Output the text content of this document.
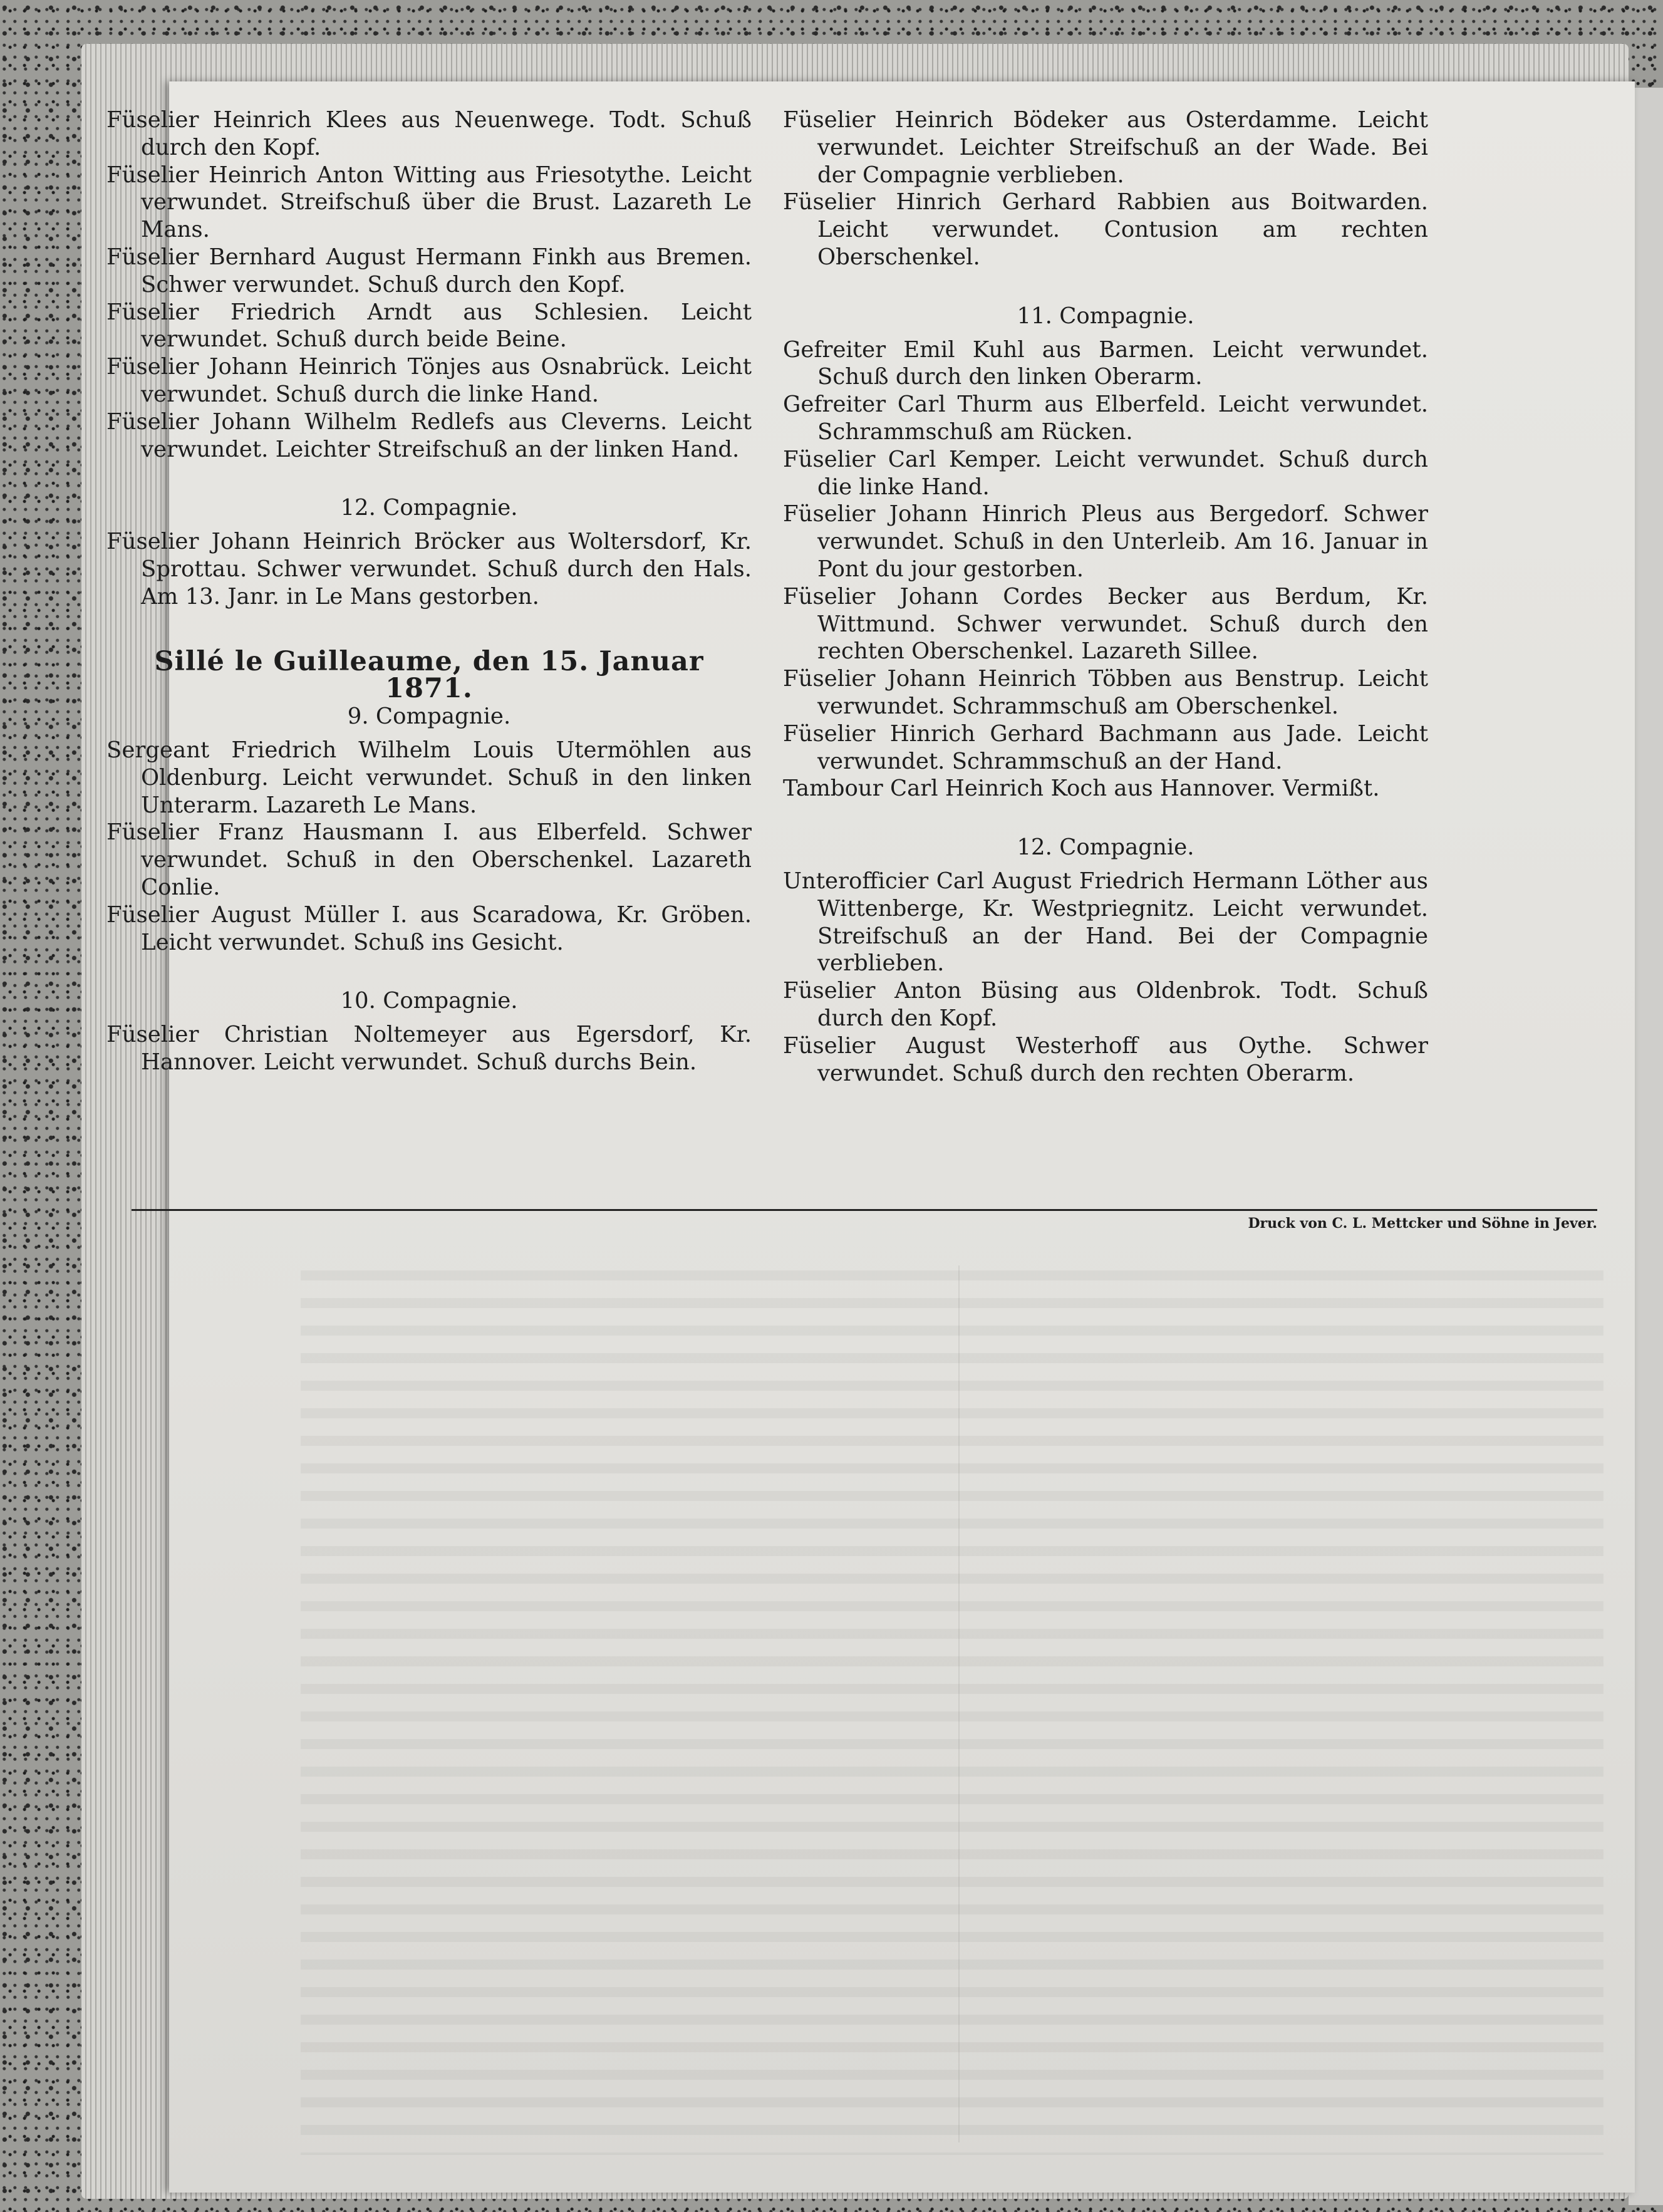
Füselier Heinrich Klees aus Neuenwege. Todt. Schuß durch den Kopf.

Füselier Heinrich Anton Witting aus Friesotythe. Leicht verwundet. Streifschuß über die Brust. Lazareth Le Mans.

Füselier Bernhard August Hermann Finkh aus Bremen. Schwer verwundet. Schuß durch den Kopf.

Füselier Friedrich Arndt aus Schlesien. Leicht verwundet. Schuß durch beide Beine.

Füselier Johann Heinrich Tönjes aus Osnabrück. Leicht verwundet. Schuß durch die linke Hand.

Füselier Johann Wilhelm Redlefs aus Cleverns. Leicht verwundet. Leichter Streifschuß an der linken Hand.

12. Compagnie.

Füselier Johann Heinrich Bröcker aus Woltersdorf, Kr. Sprottau. Schwer verwundet. Schuß durch den Hals. Am 13. Janr. in Le Mans gestorben.

Sillé le Guilleaume, den 15. Januar 1871.

9. Compagnie.

Sergeant Friedrich Wilhelm Louis Utermöhlen aus Oldenburg. Leicht verwundet. Schuß in den linken Unterarm. Lazareth Le Mans.

Füselier Franz Hausmann I. aus Elberfeld. Schwer verwundet. Schuß in den Oberschenkel. Lazareth Conlie.

Füselier August Müller I. aus Scaradowa, Kr. Gröben. Leicht verwundet. Schuß ins Gesicht.

10. Compagnie.

Füselier Christian Noltemeyer aus Egersdorf, Kr. Hannover. Leicht verwundet. Schuß durchs Bein.

Füselier Heinrich Bödeker aus Osterdamme. Leicht verwundet. Leichter Streifschuß an der Wade. Bei der Compagnie verblieben.

Füselier Hinrich Gerhard Rabbien aus Boitwarden. Leicht verwundet. Contusion am rechten Oberschenkel.

11. Compagnie.

Gefreiter Emil Kuhl aus Barmen. Leicht verwundet. Schuß durch den linken Oberarm.

Gefreiter Carl Thurm aus Elberfeld. Leicht verwundet. Schrammschuß am Rücken.

Füselier Carl Kemper. Leicht verwundet. Schuß durch die linke Hand.

Füselier Johann Hinrich Pleus aus Bergedorf. Schwer verwundet. Schuß in den Unterleib. Am 16. Januar in Pont du jour gestorben.

Füselier Johann Cordes Becker aus Berdum, Kr. Wittmund. Schwer verwundet. Schuß durch den rechten Oberschenkel. Lazareth Sillee.

Füselier Johann Heinrich Többen aus Benstrup. Leicht verwundet. Schrammschuß am Oberschenkel.

Füselier Hinrich Gerhard Bachmann aus Jade. Leicht verwundet. Schrammschuß an der Hand.

Tambour Carl Heinrich Koch aus Hannover. Vermißt.

12. Compagnie.

Unterofficier Carl August Friedrich Hermann Löther aus Wittenberge, Kr. Westpriegnitz. Leicht verwundet. Streifschuß an der Hand. Bei der Compagnie verblieben.

Füselier Anton Büsing aus Oldenbrok. Todt. Schuß durch den Kopf.

Füselier August Westerhoff aus Oythe. Schwer verwundet. Schuß durch den rechten Oberarm.

Druck von C. L. Mettcker und Söhne in Jever.
